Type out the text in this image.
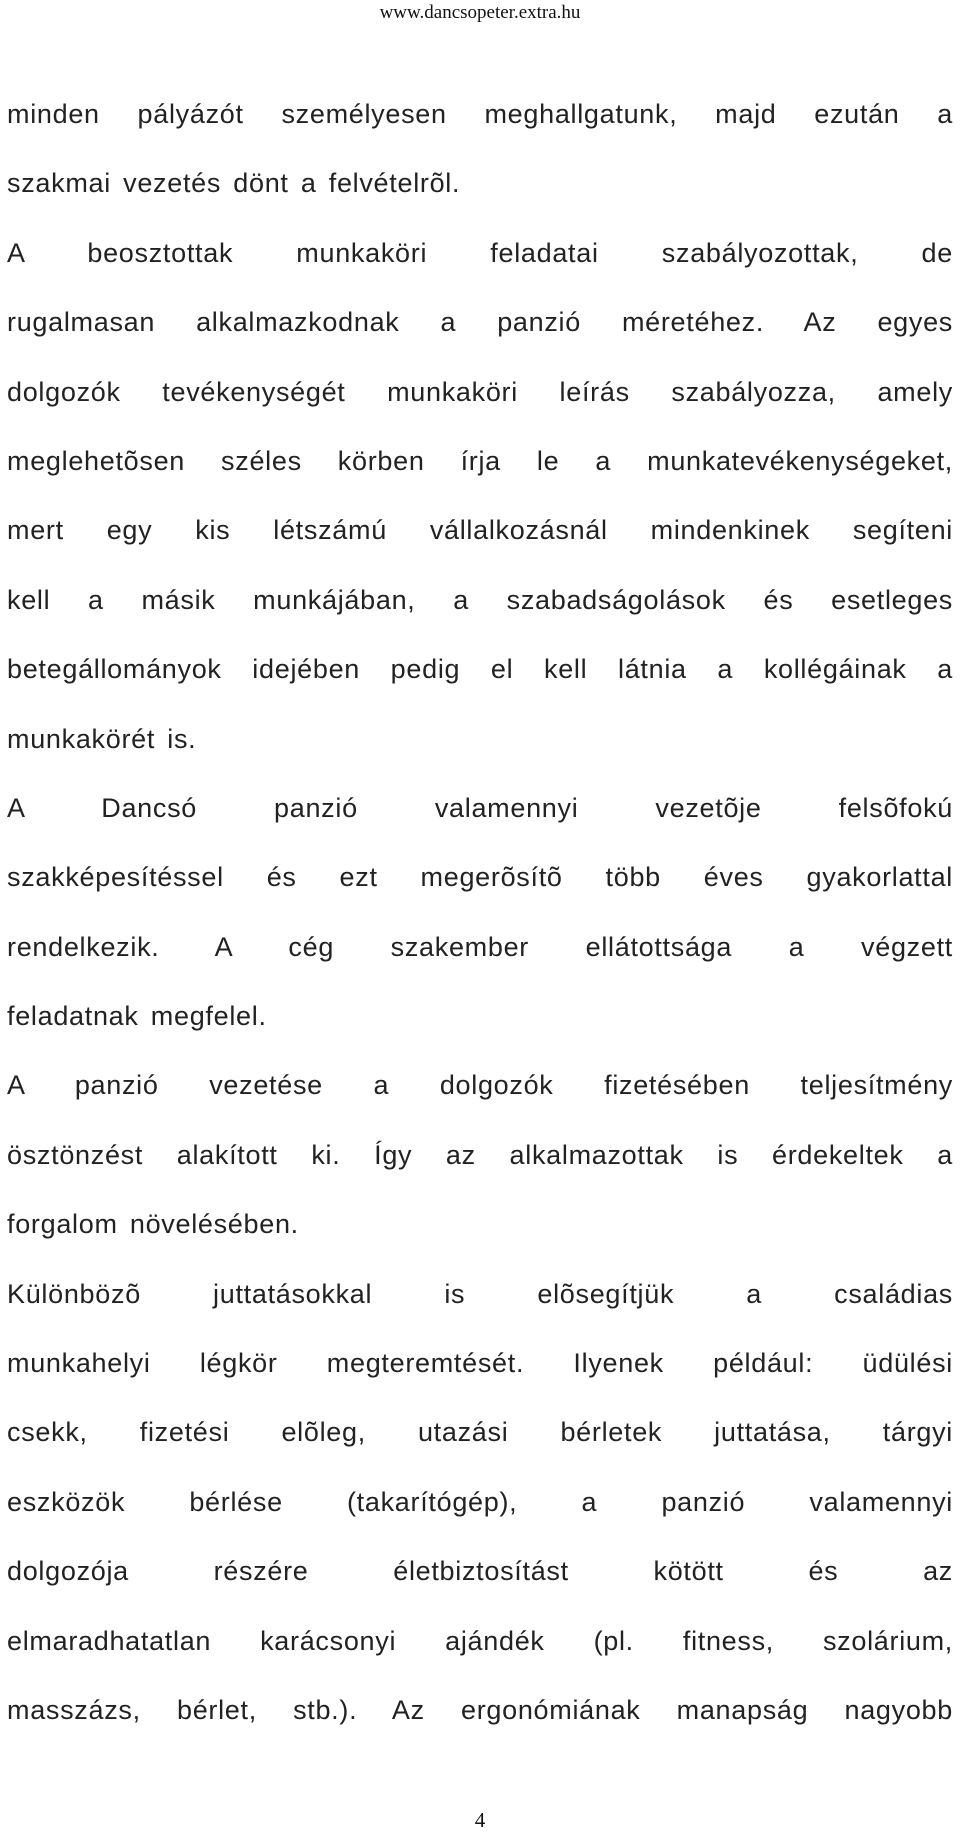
www.dancsopeter.extra.hu
minden pályázót személyesen meghallgatunk, majd ezután a
szakmai vezetés dönt a felvételrõl.
A beosztottak munkaköri feladatai szabályozottak, de
rugalmasan alkalmazkodnak a panzió méretéhez. Az egyes
dolgozók tevékenységét munkaköri leírás szabályozza, amely
meglehetõsen széles körben írja le a munkatevékenységeket,
mert egy kis létszámú vállalkozásnál mindenkinek segíteni
kell a másik munkájában, a szabadságolások és esetleges
betegállományok idejében pedig el kell látnia a kollégáinak a
munkakörét is.
A Dancsó panzió valamennyi vezetõje felsõfokú
szakképesítéssel és ezt megerõsítõ több éves gyakorlattal
rendelkezik. A cég szakember ellátottsága a végzett
feladatnak megfelel.
A panzió vezetése a dolgozók fizetésében teljesítmény
ösztönzést alakított ki. Így az alkalmazottak is érdekeltek a
forgalom növelésében.
Különbözõ juttatásokkal is elõsegítjük a családias
munkahelyi légkör megteremtését. Ilyenek például: üdülési
csekk, fizetési elõleg, utazási bérletek juttatása, tárgyi
eszközök bérlése (takarítógép), a panzió valamennyi
dolgozója részére életbiztosítást kötött és az
elmaradhatatlan karácsonyi ajándék (pl. fitness, szolárium,
masszázs, bérlet, stb.). Az ergonómiának manapság nagyobb
4
